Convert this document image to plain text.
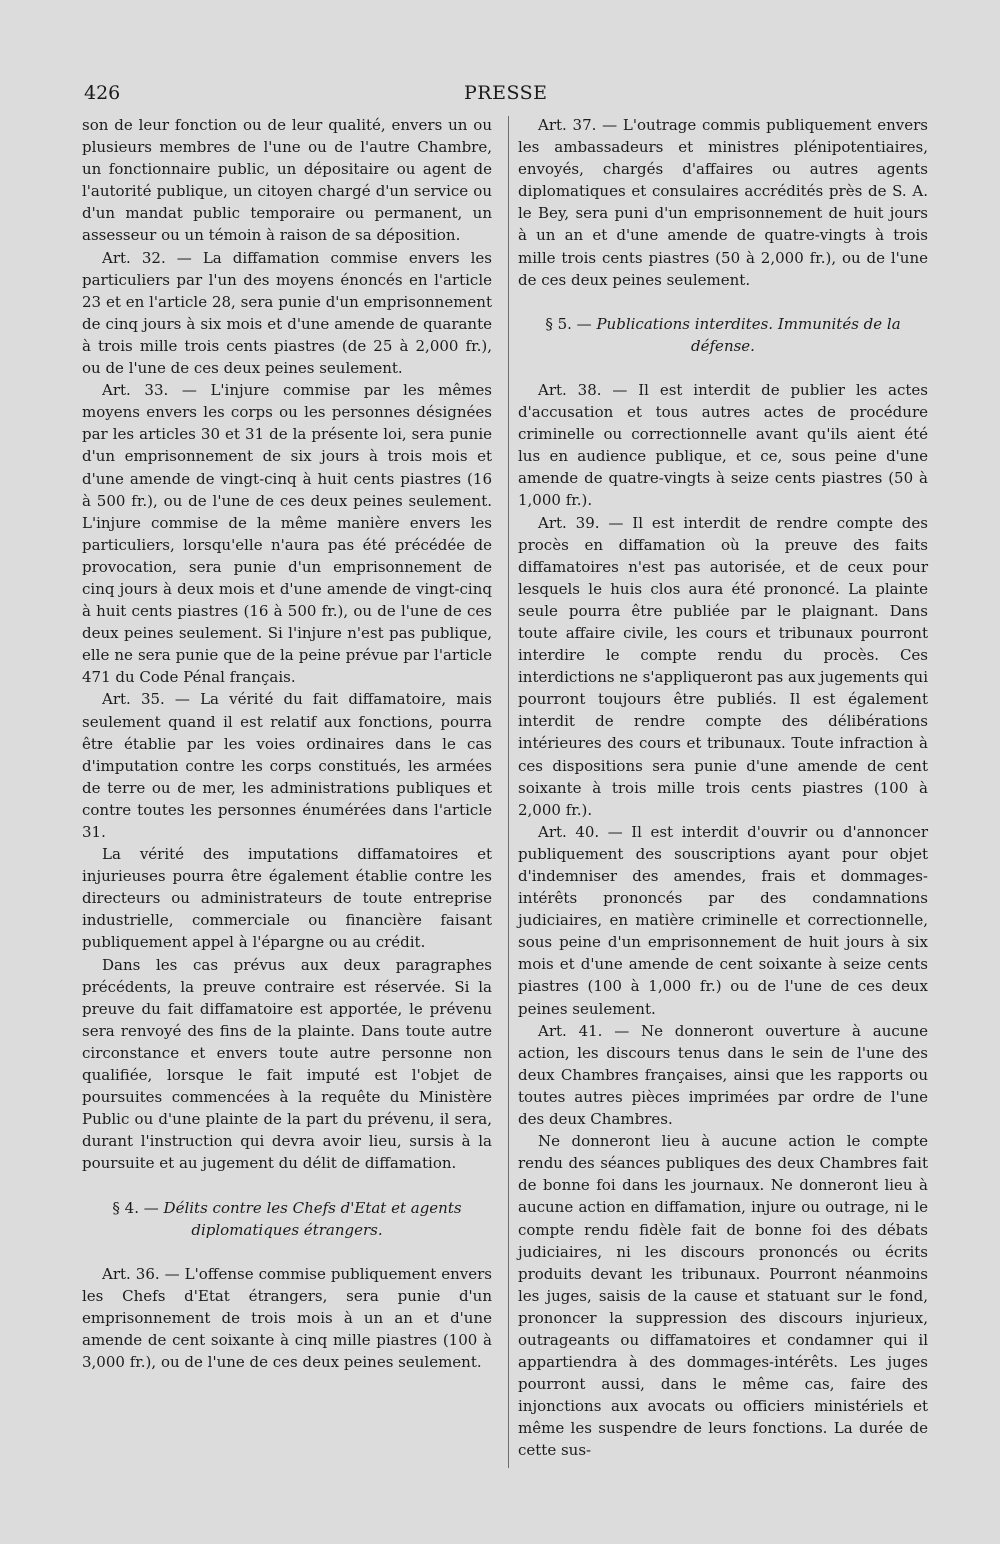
426	PRESSE

son de leur fonction ou de leur qualité, envers un ou plusieurs membres de l'une ou de l'autre Chambre, un fonctionnaire public, un dépositaire ou agent de l'autorité publique, un citoyen chargé d'un service ou d'un mandat public temporaire ou permanent, un assesseur ou un témoin à raison de sa déposition.

Art. 32. — La diffamation commise envers les particuliers par l'un des moyens énoncés en l'article 23 et en l'article 28, sera punie d'un emprisonnement de cinq jours à six mois et d'une amende de quarante à trois mille trois cents piastres (de 25 à 2,000 fr.), ou de l'une de ces deux peines seulement.

Art. 33. — L'injure commise par les mêmes moyens envers les corps ou les personnes désignées par les articles 30 et 31 de la présente loi, sera punie d'un emprisonnement de six jours à trois mois et d'une amende de vingt-cinq à huit cents piastres (16 à 500 fr.), ou de l'une de ces deux peines seulement. L'injure commise de la même manière envers les particuliers, lorsqu'elle n'aura pas été précédée de provocation, sera punie d'un emprisonnement de cinq jours à deux mois et d'une amende de vingt-cinq à huit cents piastres (16 à 500 fr.), ou de l'une de ces deux peines seulement. Si l'injure n'est pas publique, elle ne sera punie que de la peine prévue par l'article 471 du Code Pénal français.

Art. 35. — La vérité du fait diffamatoire, mais seulement quand il est relatif aux fonctions, pourra être établie par les voies ordinaires dans le cas d'imputation contre les corps constitués, les armées de terre ou de mer, les administrations publiques et contre toutes les personnes énumérées dans l'article 31.

La vérité des imputations diffamatoires et injurieuses pourra être également établie contre les directeurs ou administrateurs de toute entreprise industrielle, commerciale ou financière faisant publiquement appel à l'épargne ou au crédit.

Dans les cas prévus aux deux paragraphes précédents, la preuve contraire est réservée. Si la preuve du fait diffamatoire est apportée, le prévenu sera renvoyé des fins de la plainte. Dans toute autre circonstance et envers toute autre personne non qualifiée, lorsque le fait imputé est l'objet de poursuites commencées à la requête du Ministère Public ou d'une plainte de la part du prévenu, il sera, durant l'instruction qui devra avoir lieu, sursis à la poursuite et au jugement du délit de diffamation.

§ 4. — Délits contre les Chefs d'Etat et agents diplomatiques étrangers.

Art. 36. — L'offense commise publiquement envers les Chefs d'Etat étrangers, sera punie d'un emprisonnement de trois mois à un an et d'une amende de cent soixante à cinq mille piastres (100 à 3,000 fr.), ou de l'une de ces deux peines seulement.

Art. 37. — L'outrage commis publiquement envers les ambassadeurs et ministres plénipotentiaires, envoyés, chargés d'affaires ou autres agents diplomatiques et consulaires accrédités près de S. A. le Bey, sera puni d'un emprisonnement de huit jours à un an et d'une amende de quatre-vingts à trois mille trois cents piastres (50 à 2,000 fr.), ou de l'une de ces deux peines seulement.

§ 5. — Publications interdites. Immunités de la défense.

Art. 38. — Il est interdit de publier les actes d'accusation et tous autres actes de procédure criminelle ou correctionnelle avant qu'ils aient été lus en audience publique, et ce, sous peine d'une amende de quatre-vingts à seize cents piastres (50 à 1,000 fr.).

Art. 39. — Il est interdit de rendre compte des procès en diffamation où la preuve des faits diffamatoires n'est pas autorisée, et de ceux pour lesquels le huis clos aura été prononcé. La plainte seule pourra être publiée par le plaignant. Dans toute affaire civile, les cours et tribunaux pourront interdire le compte rendu du procès. Ces interdictions ne s'appliqueront pas aux jugements qui pourront toujours être publiés. Il est également interdit de rendre compte des délibérations intérieures des cours et tribunaux. Toute infraction à ces dispositions sera punie d'une amende de cent soixante à trois mille trois cents piastres (100 à 2,000 fr.).

Art. 40. — Il est interdit d'ouvrir ou d'annoncer publiquement des souscriptions ayant pour objet d'indemniser des amendes, frais et dommages-intérêts prononcés par des condamnations judiciaires, en matière criminelle et correctionnelle, sous peine d'un emprisonnement de huit jours à six mois et d'une amende de cent soixante à seize cents piastres (100 à 1,000 fr.) ou de l'une de ces deux peines seulement.

Art. 41. — Ne donneront ouverture à aucune action, les discours tenus dans le sein de l'une des deux Chambres françaises, ainsi que les rapports ou toutes autres pièces imprimées par ordre de l'une des deux Chambres.

Ne donneront lieu à aucune action le compte rendu des séances publiques des deux Chambres fait de bonne foi dans les journaux. Ne donneront lieu à aucune action en diffamation, injure ou outrage, ni le compte rendu fidèle fait de bonne foi des débats judiciaires, ni les discours prononcés ou écrits produits devant les tribunaux. Pourront néanmoins les juges, saisis de la cause et statuant sur le fond, prononcer la suppression des discours injurieux, outrageants ou diffamatoires et condamner qui il appartiendra à des dommages-intérêts. Les juges pourront aussi, dans le même cas, faire des injonctions aux avocats ou officiers ministériels et même les suspendre de leurs fonctions. La durée de cette sus-
